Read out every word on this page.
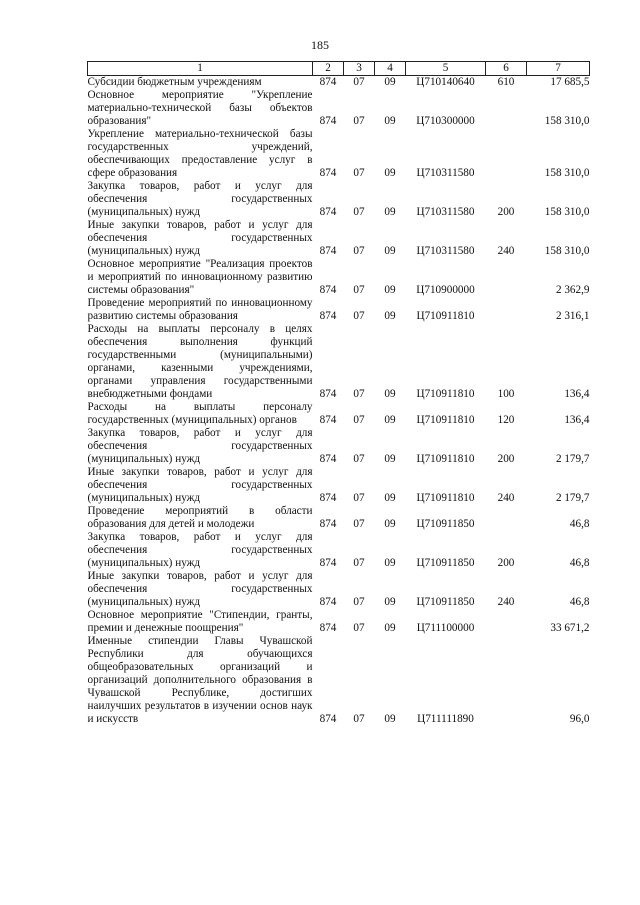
185
1	2	3	4	5	6	7
Субсидии бюджетным учреждениям	874	07	09	Ц710140640	610	17 685,5
Основное мероприятие "Укрепление материально-технической базы объектов образования"	874	07	09	Ц710300000		158 310,0
Укрепление материально-технической базы государственных учреждений, обеспечивающих предоставление услуг в сфере образования	874	07	09	Ц710311580		158 310,0
Закупка товаров, работ и услуг для обеспечения государственных (муниципальных) нужд	874	07	09	Ц710311580	200	158 310,0
Иные закупки товаров, работ и услуг для обеспечения государственных (муниципальных) нужд	874	07	09	Ц710311580	240	158 310,0
Основное мероприятие "Реализация проектов и мероприятий по инновационному развитию системы образования"	874	07	09	Ц710900000		2 362,9
Проведение мероприятий по инновационному развитию системы образования	874	07	09	Ц710911810		2 316,1
Расходы на выплаты персоналу в целях обеспечения выполнения функций государственными (муниципальными) органами, казенными учреждениями, органами управления государственными внебюджетными фондами	874	07	09	Ц710911810	100	136,4
Расходы на выплаты персоналу государственных (муниципальных) органов	874	07	09	Ц710911810	120	136,4
Закупка товаров, работ и услуг для обеспечения государственных (муниципальных) нужд	874	07	09	Ц710911810	200	2 179,7
Иные закупки товаров, работ и услуг для обеспечения государственных (муниципальных) нужд	874	07	09	Ц710911810	240	2 179,7
Проведение мероприятий в области образования для детей и молодежи	874	07	09	Ц710911850		46,8
Закупка товаров, работ и услуг для обеспечения государственных (муниципальных) нужд	874	07	09	Ц710911850	200	46,8
Иные закупки товаров, работ и услуг для обеспечения государственных (муниципальных) нужд	874	07	09	Ц710911850	240	46,8
Основное мероприятие "Стипендии, гранты, премии и денежные поощрения"	874	07	09	Ц711100000		33 671,2
Именные стипендии Главы Чувашской Республики для обучающихся общеобразовательных организаций и организаций дополнительного образования в Чувашской Республике, достигших наилучших результатов в изучении основ наук и искусств	874	07	09	Ц711111890		96,0
